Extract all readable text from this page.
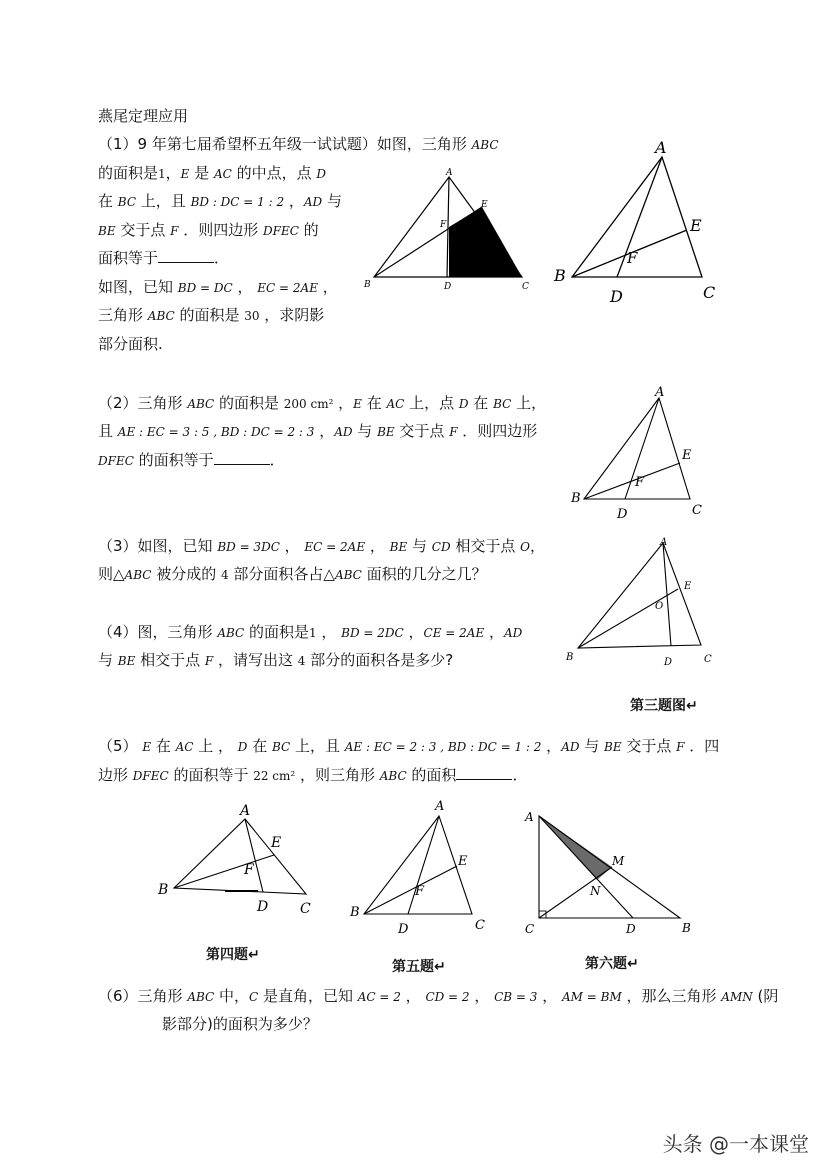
燕尾定理应用
（1）9 年第七届希望杯五年级一试试题）如图，三角形 ABC
的面积是1，E 是 AC 的中点，点 D
在 BC 上，且 BD : DC = 1 : 2 ，AD 与
BE 交于点 F ．则四边形 DFEC 的
面积等于	．
如图，已知 BD = DC ， EC = 2AE ，
三角形 ABC 的面积是 30 ，求阴影
部分面积.
A
B	C
D
E
F
A
B
C
D
E
F
（2）三角形 ABC 的面积是 200 cm² ，E 在 AC 上，点 D 在 BC 上，
且 AE : EC = 3 : 5 , BD : DC = 2 : 3 ，AD 与 BE 交于点 F ．则四边形
DFEC 的面积等于	．
A
B
C
D
E
F
（3）如图，已知 BD = 3DC ， EC = 2AE ， BE 与 CD 相交于点 O，
则△ABC 被分成的 4 部分面积各占△ABC 面积的几分之几？
A
B	C
D
E
O
（4）图，三角形 ABC 的面积是1 ， BD = 2DC ，CE = 2AE ，AD
与 BE 相交于点 F ，请写出这 4 部分的面积各是多少?
第三题图↵
（5） E 在 AC 上 ， D 在 BC 上，且 AE : EC = 2 : 3 , BD : DC = 1 : 2 ，AD 与 BE 交于点 F ．四
边形 DFEC 的面积等于 22 cm² ，则三角形 ABC 的面积	．
A
B
C
D
E
F
第四题↵
A
B
C
D
E
F
第五题↵
A
B
C	D
M
N
第六题↵
（6）三角形 ABC 中，C 是直角，已知 AC = 2 ， CD = 2 ， CB = 3 ， AM = BM ，那么三角形 AMN (阴
影部分)的面积为多少？
头条 @一本课堂
